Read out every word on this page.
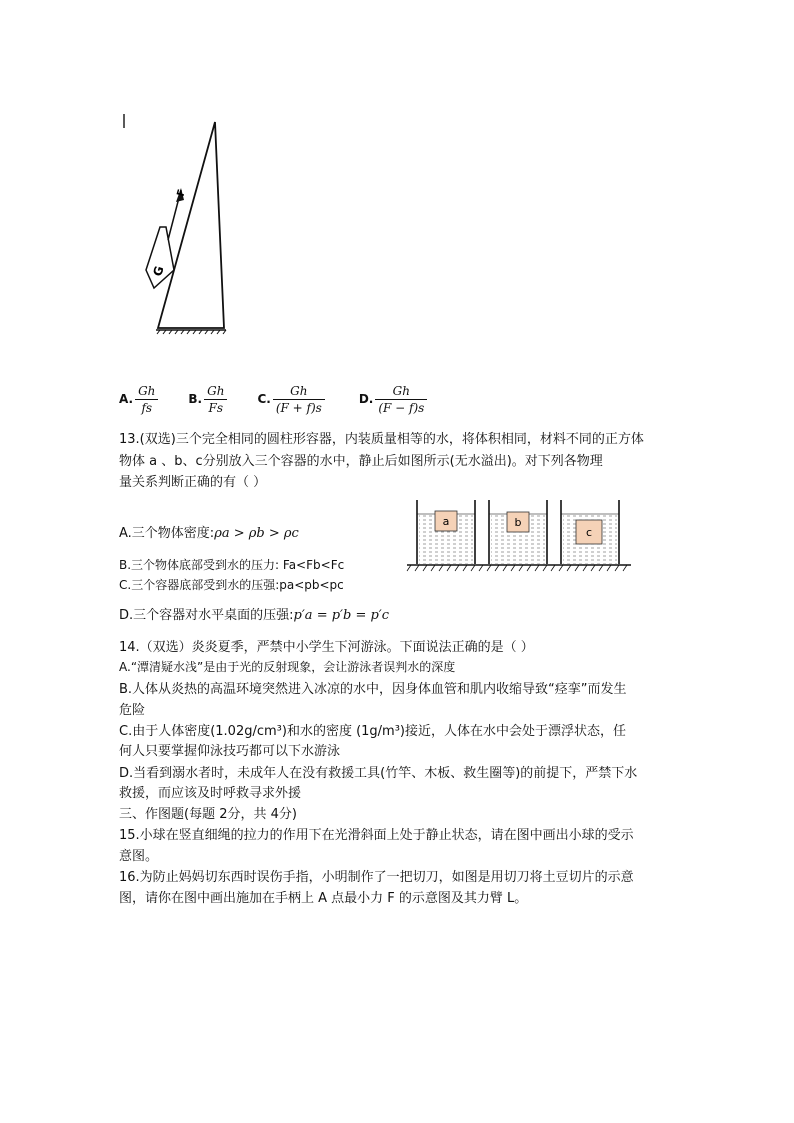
G
F
A. $\frac{Gh}{fs}$	B. $\frac{Gh}{Fs}$	C. $\frac{Gh}{(F + f)s}$	D. $\frac{Gh}{(F - f)s}$
13.(双选)三个完全相同的圆柱形容器，内装质量相等的水，将体积相同，材料不同的正方体
物体 a 、b、c分别放入三个容器的水中，静止后如图所示(无水溢出)。对下列各物理
量关系判断正确的有（ ）
A.三个物体密度:ρa > ρb > ρc
B.三个物体底部受到水的压力: Fa<Fb<Fc
C.三个容器底部受到水的压强:pa<pb<pc
D.三个容器对水平桌面的压强:p′a = p′b = p′c
a	b
c
14.（双选）炎炎夏季，严禁中小学生下河游泳。下面说法正确的是（ ）
A.“潭清疑水浅”是由于光的反射现象，会让游泳者误判水的深度
B.人体从炎热的高温环境突然进入冰凉的水中，因身体血管和肌内收缩导致“痉挛”而发生
危险
C.由于人体密度(1.02g/cm³)和水的密度 (1g/m³)接近，人体在水中会处于漂浮状态，任
何人只要掌握仰泳技巧都可以下水游泳
D.当看到溺水者时，未成年人在没有救援工具(竹竿、木板、救生圈等)的前提下，严禁下水
救援，而应该及时呼救寻求外援
三、作图题(每题 2分，共 4分)
15.小球在竖直细绳的拉力的作用下在光滑斜面上处于静止状态，请在图中画出小球的受示
意图。
16.为防止妈妈切东西时误伤手指，小明制作了一把切刀，如图是用切刀将土豆切片的示意
图，请你在图中画出施加在手柄上 A 点最小力 F 的示意图及其力臂 L。
